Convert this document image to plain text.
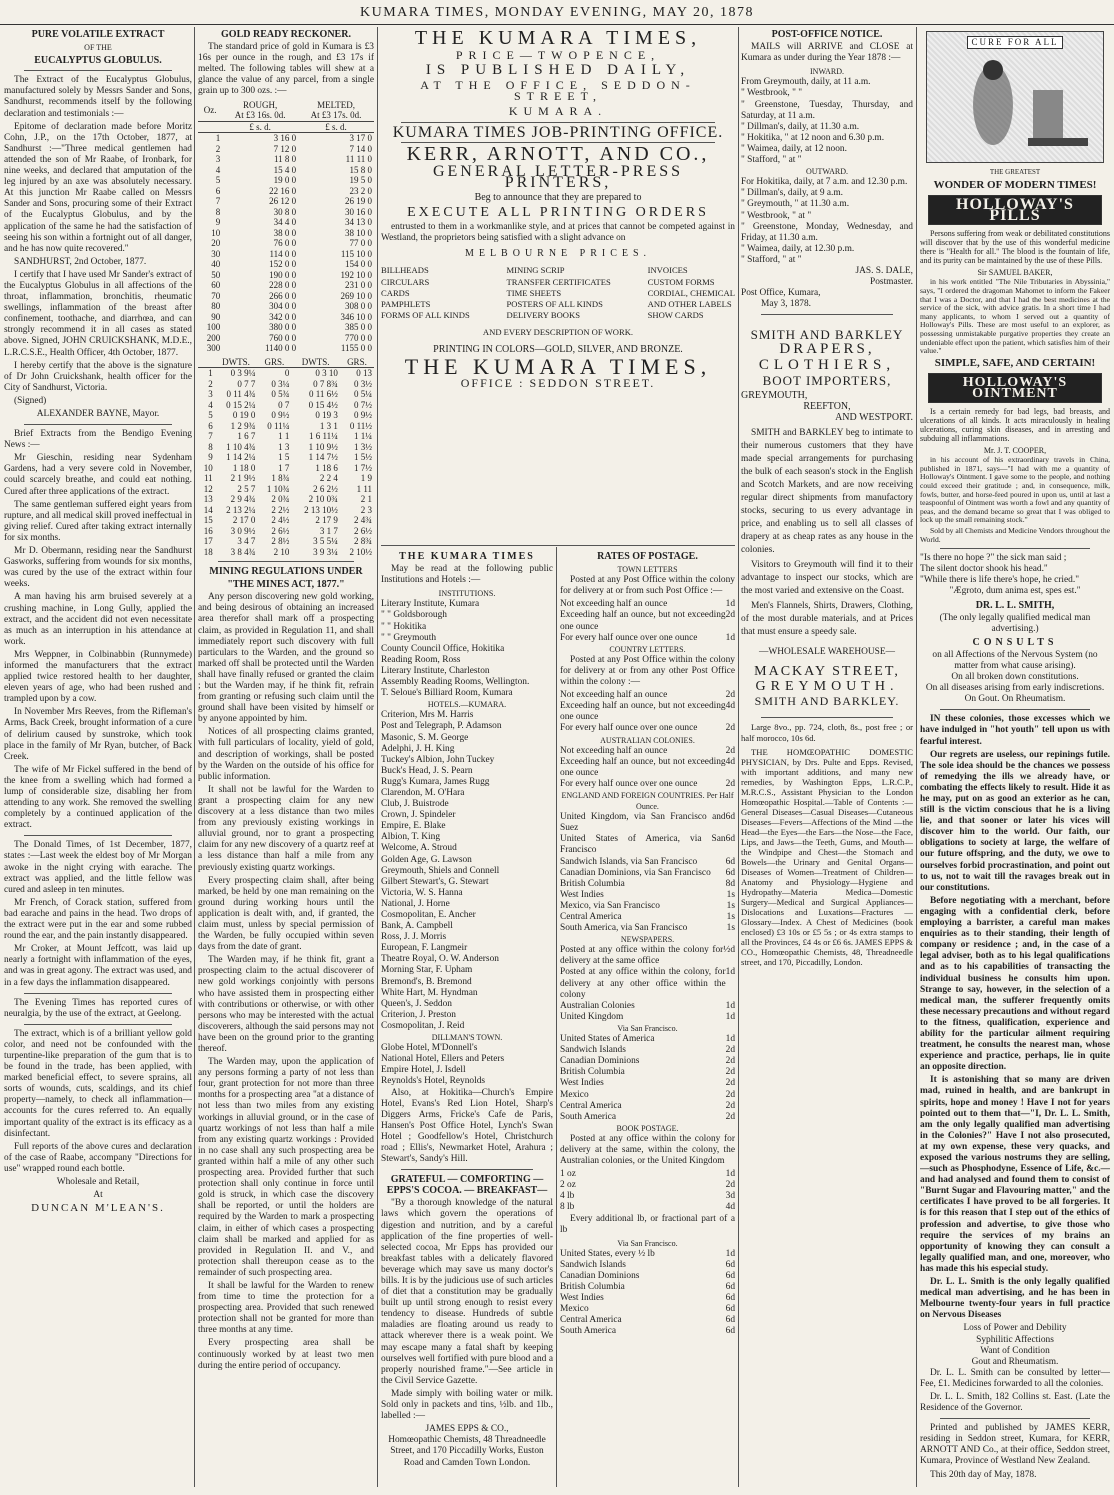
KUMARA TIMES, MONDAY EVENING, MAY 20, 1878
PURE VOLATILE EXTRACT
OF THE
EUCALYPTUS GLOBULUS.

The Extract of the Eucalyptus Globulus, manufactured solely by Messrs Sander and Sons, Sandhurst, recommends itself by the following declaration and testimonials :—

Epitome of declaration made before Moritz Cohn, J.P., on the 17th October, 1877, at Sandhurst :—"Three medical gentlemen had attended the son of Mr Raabe, of Ironbark, for nine weeks, and declared that amputation of the leg injured by an axe was absolutely necessary. At this junction Mr Raabe called on Messrs Sander and Sons, procuring some of their Extract of the Eucalyptus Globulus, and by the application of the same he had the satisfaction of seeing his son within a fortnight out of all danger, and he has now quite recovered."

SANDHURST, 2nd October, 1877.

I certify that I have used Mr Sander's extract of the Eucalyptus Globulus in all affections of the throat, inflammation, bronchitis, rheumatic swellings, inflammation of the breast after confinement, toothache, and diarrhœa, and can strongly recommend it in all cases as stated above. Signed, JOHN CRUICKSHANK, M.D.E., L.R.C.S.E., Health Officer, 4th October, 1877.

I hereby certify that the above is the signature of Dr John Cruickshank, health officer for the City of Sandhurst, Victoria.

(Signed)

ALEXANDER BAYNE, Mayor.

Brief Extracts from the Bendigo Evening News :—

Mr Gieschin, residing near Sydenham Gardens, had a very severe cold in November, could scarcely breathe, and could eat nothing. Cured after three applications of the extract.

The same gentleman suffered eight years from rupture, and all medical skill proved ineffectual in giving relief. Cured after taking extract internally for six months.

Mr D. Obermann, residing near the Sandhurst Gasworks, suffering from wounds for six months, was cured by the use of the extract within four weeks.

A man having his arm bruised severely at a crushing machine, in Long Gully, applied the extract, and the accident did not even necessitate as much as an interruption in his attendance at work.

Mrs Weppner, in Colbinabbin (Runnymede) informed the manufacturers that the extract applied twice restored health to her daughter, eleven years of age, who had been rushed and trampled upon by a cow.

In November Mrs Reeves, from the Rifleman's Arms, Back Creek, brought information of a cure of delirium caused by sunstroke, which took place in the family of Mr Ryan, butcher, of Back Creek.

The wife of Mr Fickel suffered in the bend of the knee from a swelling which had formed a lump of considerable size, disabling her from attending to any work. She removed the swelling completely by a continued application of the extract.

The Donald Times, of 1st December, 1877, states :—Last week the eldest boy of Mr Morgan awoke in the night crying with earache. The extract was applied, and the little fellow was cured and asleep in ten minutes.

Mr French, of Corack station, suffered from bad earache and pains in the head. Two drops of the extract were put in the ear and some rubbed round the ear, and the pain instantly disappeared.

Mr Croker, at Mount Jeffcott, was laid up nearly a fortnight with inflammation of the eyes, and was in great agony. The extract was used, and in a few days the inflammation disappeared.

The Evening Times has reported cures of neuralgia, by the use of the extract, at Geelong.

The extract, which is of a brilliant yellow gold color, and need not be confounded with the turpentine-like preparation of the gum that is to be found in the trade, has been applied, with marked beneficial effect, to severe sprains, all sorts of wounds, cuts, scaldings, and its chief property—namely, to check all inflammation—accounts for the cures referred to. An equally important quality of the extract is its efficacy as a disinfectant.

Full reports of the above cures and declaration of the case of Raabe, accompany "Directions for use" wrapped round each bottle.

Wholesale and Retail,

At

DUNCAN M'LEAN'S.

GOLD READY RECKONER.

The standard price of gold in Kumara is £3 16s per ounce in the rough, and £3 17s if melted. The following tables will shew at a glance the value of any parcel, from a single grain up to 300 ozs. :—

Oz.	ROUGH,
At £3 16s. 0d.	MELTED,
At £3 17s. 0d.
	£ s. d.	£ s. d.
1	3 16 0	3 17 0
2	7 12 0	7 14 0
3	11 8 0	11 11 0
4	15 4 0	15 8 0
5	19 0 0	19 5 0
6	22 16 0	23 2 0
7	26 12 0	26 19 0
8	30 8 0	30 16 0
9	34 4 0	34 13 0
10	38 0 0	38 10 0
20	76 0 0	77 0 0
30	114 0 0	115 10 0
40	152 0 0	154 0 0
50	190 0 0	192 10 0
60	228 0 0	231 0 0
70	266 0 0	269 10 0
80	304 0 0	308 0 0
90	342 0 0	346 10 0
100	380 0 0	385 0 0
200	760 0 0	770 0 0
300	1140 0 0	1155 0 0
	DWTS.	GRS.	DWTS.	GRS.
1	0 3 9¼	0	0 3 10	0 13
2	0 7 7	0 3¼	0 7 8¾	0 3½
3	0 11 4¾	0 5¾	0 11 6½	0 5¼
4	0 15 2¼	0 7	0 15 4½	0 7½
5	0 19 0	0 9½	0 19 3	0 9½
6	1 2 9¾	0 11¼	1 3 1	0 11½
7	1 6 7	1 1	1 6 11¼	1 1¼
8	1 10 4¾	1 3	1 10 9½	1 3½
9	1 14 2¼	1 5	1 14 7½	1 5½
10	1 18 0	1 7	1 18 6	1 7½
11	2 1 9½	1 8¾	2 2 4	1 9
12	2 5 7	1 10¾	2 6 2½	1 11
13	2 9 4¾	2 0¾	2 10 0¾	2 1
14	2 13 2¼	2 2½	2 13 10½	2 3
15	2 17 0	2 4½	2 17 9	2 4¾
16	3 0 9½	2 6½	3 1 7	2 6½
17	3 4 7	2 8½	3 5 5¼	2 8¾
18	3 8 4¾	2 10	3 9 3¼	2 10½
MINING REGULATIONS UNDER
"THE MINES ACT, 1877."

Any person discovering new gold working, and being desirous of obtaining an increased area therefor shall mark off a prospecting claim, as provided in Regulation 11, and shall immediately report such discovery with full particulars to the Warden, and the ground so marked off shall be protected until the Warden shall have finally refused or granted the claim ; but the Warden may, if he think fit, refrain from granting or refusing such claim until the ground shall have been visited by himself or by anyone appointed by him.

Notices of all prospecting claims granted, with full particulars of locality, yield of gold, and description of workings, shall be posted by the Warden on the outside of his office for public information.

It shall not be lawful for the Warden to grant a prospecting claim for any new discovery at a less distance than two miles from any previously existing workings in alluvial ground, nor to grant a prospecting claim for any new discovery of a quartz reef at a less distance than half a mile from any previously existing quartz workings.

Every prospecting claim shall, after being marked, be held by one man remaining on the ground during working hours until the application is dealt with, and, if granted, the claim must, unless by special permission of the Warden, be fully occupied within seven days from the date of grant.

The Warden may, if he think fit, grant a prospecting claim to the actual discoverer of new gold workings conjointly with persons who have assisted them in prospecting either with contributions or otherwise, or with other persons who may be interested with the actual discoverers, although the said persons may not have been on the ground prior to the granting thereof.

The Warden may, upon the application of any persons forming a party of not less than four, grant protection for not more than three months for a prospecting area "at a distance of not less than two miles from any existing workings in alluvial ground, or in the case of quartz workings of not less than half a mile from any existing quartz workings : Provided in no case shall any such prospecting area be granted within half a mile of any other such prospecting area. Provided further that such protection shall only continue in force until gold is struck, in which case the discovery shall be reported, or until the holders are required by the Warden to mark a prospecting claim, in either of which cases a prospecting claim shall be marked and applied for as provided in Regulation II. and V., and protection shall thereupon cease as to the remainder of such prospecting area.

It shall be lawful for the Warden to renew from time to time the protection for a prospecting area. Provided that such renewed protection shall not be granted for more than three months at any time.

Every prospecting area shall be continuously worked by at least two men during the entire period of occupancy.

THE KUMARA TIMES,
PRICE—TWOPENCE,
IS PUBLISHED DAILY,
AT THE OFFICE, SEDDON-STREET,
KUMARA.
KUMARA TIMES JOB-PRINTING OFFICE.
KERR, ARNOTT, AND CO.,
GENERAL LETTER-PRESS PRINTERS,
Beg to announce that they are prepared to
EXECUTE ALL PRINTING ORDERS

entrusted to them in a workmanlike style, and at prices that cannot be competed against in Westland, the proprietors being satisfied with a slight advance on

MELBOURNE PRICES.
BILLHEADS
CIRCULARS
CARDS
PAMPHLETS
FORMS OF ALL KINDS
MINING SCRIP
TRANSFER CERTIFICATES
TIME SHEETS
POSTERS OF ALL KINDS
DELIVERY BOOKS
INVOICES
CUSTOM FORMS
CORDIAL, CHEMICAL
AND OTHER LABELS
SHOW CARDS
AND EVERY DESCRIPTION OF WORK.
PRINTING IN COLORS—GOLD, SILVER, AND BRONZE.
THE KUMARA TIMES,
OFFICE : SEDDON STREET.
THE KUMARA TIMES

May be read at the following public Institutions and Hotels :—

INSTITUTIONS.
Literary Institute, Kumara
" " Goldsborough
" " Hokitika
" " Greymouth
County Council Office, Hokitika
Reading Room, Ross
Literary Institute, Charleston
Assembly Reading Rooms, Wellington.
T. Seloue's Billiard Room, Kumara
HOTELS.—KUMARA.
Criterion, Mrs M. Harris
Post and Telegraph, P. Adamson
Masonic, S. M. George
Adelphi, J. H. King
Tuckey's Albion, John Tuckey
Buck's Head, J. S. Pearn
Rugg's Kumara, James Rugg
Clarendon, M. O'Hara
Club, J. Buistrode
Crown, J. Spindeler
Empire, E. Blake
Albion, T. King
Welcome, A. Stroud
Golden Age, G. Lawson
Greymouth, Shiels and Connell
Gilbert Stewart's, G. Stewart
Victoria, W. S. Hanna
National, J. Horne
Cosmopolitan, E. Ancher
Bank, A. Campbell
Ross, J. J. Morris
European, F. Langmeir
Theatre Royal, O. W. Anderson
Morning Star, F. Upham
Bremond's, B. Bremond
White Hart, M. Hyndman
Queen's, J. Seddon
Criterion, J. Preston
Cosmopolitan, J. Reid
DILLMAN'S TOWN.
Globe Hotel, M'Donnell's
National Hotel, Ellers and Peters
Empire Hotel, J. Isdell
Reynolds's Hotel, Reynolds

Also, at Hokitika—Church's Empire Hotel, Evans's Red Lion Hotel, Sharp's Diggers Arms, Fricke's Cafe de Paris, Hansen's Post Office Hotel, Lynch's Swan Hotel ; Goodfellow's Hotel, Christchurch road ; Ellis's, Newmarket Hotel, Arahura ; Stewart's, Sandy's Hill.

GRATEFUL — COMFORTING — EPPS'S COCOA. — BREAKFAST—

"By a thorough knowledge of the natural laws which govern the operations of digestion and nutrition, and by a careful application of the fine properties of well-selected cocoa, Mr Epps has provided our breakfast tables with a delicately flavored beverage which may save us many doctor's bills. It is by the judicious use of such articles of diet that a constitution may be gradually built up until strong enough to resist every tendency to disease. Hundreds of subtle maladies are floating around us ready to attack wherever there is a weak point. We may escape many a fatal shaft by keeping ourselves well fortified with pure blood and a properly nourished frame."—See article in the Civil Service Gazette.

Made simply with boiling water or milk. Sold only in packets and tins, ½lb. and 1lb., labelled :—

JAMES EPPS & CO.,
Homœopathic Chemists, 48 Threadneedle Street, and 170 Piccadilly Works, Euston Road and Camden Town London.
RATES OF POSTAGE.
TOWN LETTERS

Posted at any Post Office within the colony for delivery at or from such Post Office :—

Not exceeding half an ounce	1d
Exceeding half an ounce, but not exceeding one ounce
2d
For every half ounce over one ounce	1d
COUNTRY LETTERS.

Posted at any Post Office within the colony for delivery at or from any other Post Office within the colony :—

Not exceeding half an ounce	2d
Exceeding half an ounce, but not exceeding one ounce
4d
For every half ounce over one ounce	2d
AUSTRALIAN COLONIES.
Not exceeding half an ounce	2d
Exceeding half an ounce, but not exceeding one ounce
4d
For every half ounce over one ounce	2d
ENGLAND AND FOREIGN COUNTRIES. Per Half Ounce.
United Kingdom, via San Francisco and Suez
6d
United States of America, via San Francisco
6d
Sandwich Islands, via San Francisco	6d
Canadian Dominions, via San Francisco 6d
British Columbia	8d
West Indies	1s
Mexico, via San Francisco	1s
Central America	1s
South America, via San Francisco	1s
NEWSPAPERS.
Posted at any office within the colony for delivery at the same office
½d
Posted at any office within the colony, for delivery at any other office within the colony
1d
Australian Colonies	1d
United Kingdom	1d
Via San Francisco.
United States of America	1d
Sandwich Islands	2d
Canadian Dominions	2d
British Columbia	2d
West Indies	2d
Mexico	2d
Central America	2d
South America	2d
BOOK POSTAGE.

Posted at any office within the colony for delivery at the same, within the colony, the Australian colonies, or the United Kingdom

1 oz	1d
2 oz	2d
4 lb	3d
8 lb	4d

Every additional lb, or fractional part of a lb

Via San Francisco.
United States, every ½ lb	1d
Sandwich Islands	6d
Canadian Dominions	6d
British Columbia	6d
West Indies	6d
Mexico	6d
Central America	6d
South America	6d
POST-OFFICE NOTICE.

MAILS will ARRIVE and CLOSE at Kumara as under during the Year 1878 :—

INWARD.
From Greymouth, daily, at 11 a.m.
" Westbrook, " "
" Greenstone, Tuesday, Thursday, and Saturday, at 11 a.m.
" Dillman's, daily, at 11.30 a.m.
" Hokitika, " at 12 noon and 6.30 p.m.
" Waimea, daily, at 12 noon.
" Stafford, " at "
OUTWARD.
For Hokitika, daily, at 7 a.m. and 12.30 p.m.
" Dillman's, daily, at 9 a.m.
" Greymouth, " at 11.30 a.m.
" Westbrook, " at "
" Greenstone, Monday, Wednesday, and Friday, at 11.30 a.m.
" Waimea, daily, at 12.30 p.m.
" Stafford, " at "
JAS. S. DALE,
Postmaster.
Post Office, Kumara,
May 3, 1878.
SMITH AND BARKLEY
DRAPERS,
CLOTHIERS,
BOOT IMPORTERS,
GREYMOUTH,
REEFTON,
AND WESTPORT.

SMITH and BARKLEY beg to intimate to their numerous customers that they have made special arrangements for purchasing the bulk of each season's stock in the English and Scotch Markets, and are now receiving regular direct shipments from manufactory stocks, securing to us every advantage in price, and enabling us to sell all classes of drapery at as cheap rates as any house in the colonies.

Visitors to Greymouth will find it to their advantage to inspect our stocks, which are the most varied and extensive on the Coast.

Men's Flannels, Shirts, Drawers, Clothing, of the most durable materials, and at Prices that must ensure a speedy sale.

—WHOLESALE WAREHOUSE—
MACKAY STREET,
GREYMOUTH.
SMITH AND BARKLEY.

Large 8vo., pp. 724, cloth, 8s., post free ; or half morocco, 10s 6d.

THE HOMŒOPATHIC DOMESTIC PHYSICIAN, by Drs. Pulte and Epps. Revised, with important additions, and many new remedies, by Washington Epps, L.R.C.P., M.R.C.S., Assistant Physician to the London Homœopathic Hospital.—Table of Contents :—General Diseases—Casual Diseases—Cutaneous Diseases—Fevers—Affections of the Mind —the Head—the Eyes—the Ears—the Nose—the Face, Lips, and Jaws—the Teeth, Gums, and Mouth—the Windpipe and Chest—the Stomach and Bowels—the Urinary and Genital Organs—Diseases of Women—Treatment of Children—Anatomy and Physiology—Hygiene and Hydropathy—Materia Medica—Domestic Surgery—Medical and Surgical Appliances—Dislocations and Luxations—Fractures —Glossary—Index. A Chest of Medicines (book enclosed) £3 10s or £5 5s ; or 4s extra stamps to all the Provinces, £4 4s or £6 6s. JAMES EPPS & CO., Homœopathic Chemists, 48, Threadneedle street, and 170, Piccadilly, London.

CURE FOR ALL
THE GREATEST
WONDER OF MODERN TIMES!
HOLLOWAY'S PILLS

Persons suffering from weak or debilitated constitutions will discover that by the use of this wonderful medicine there is "Health for all." The blood is the fountain of life, and its purity can be maintained by the use of these Pills.

Sir SAMUEL BAKER,

in his work entitled "The Nile Tributaries in Abyssinia," says, "I ordered the dragoman Mahomet to inform the Fakeer that I was a Doctor, and that I had the best medicines at the service of the sick, with advice gratis. In a short time I had many applicants, to whom I served out a quantity of Holloway's Pills. These are most useful to an explorer, as possessing unmistakable purgative properties they create an undeniable effect upon the patient, which satisfies him of their value."

SIMPLE, SAFE, AND CERTAIN!
HOLLOWAY'S OINTMENT

Is a certain remedy for bad legs, bad breasts, and ulcerations of all kinds. It acts miraculously in healing ulcerations, curing skin diseases, and in arresting and subduing all inflammations.

Mr. J. T. COOPER,

in his account of his extraordinary travels in China, published in 1871, says—"I had with me a quantity of Holloway's Ointment. I gave some to the people, and nothing could exceed their gratitude ; and, in consequence, milk, fowls, butter, and horse-feed poured in upon us, until at last a teaspoonful of Ointment was worth a fowl and any quantity of peas, and the demand became so great that I was obliged to lock up the small remaining stock."

Sold by all Chemists and Medicine Vendors throughout the World.

"Is there no hope ?" the sick man said ;
The silent doctor shook his head."
"While there is life there's hope, he cried."
"Ægroto, dum anima est, spes est."
DR. L. L. SMITH,
(The only legally qualified medical man advertising.)
CONSULTS
on all Affections of the Nervous System (no matter from what cause arising).
On all broken down constitutions.
On all diseases arising from early indiscretions.
On Gout. On Rheumatism.

IN these colonies, those excesses which we have indulged in "hot youth" tell upon us with fearful interest.

Our regrets are useless, our repinings futile. The sole idea should be the chances we possess of remedying the ills we already have, or combating the effects likely to result. Hide it as he may, put on as good an exterior as he can, still is the victim conscious that he is a living lie, and that sooner or later his vices will discover him to the world. Our faith, our obligations to society at large, the welfare of our future offspring, and the duty, we owe to ourselves forbid procrastination, and point out to us, not to wait till the ravages break out in our constitutions.

Before negotiating with a merchant, before engaging with a confidential clerk, before employing a barrister, a careful man makes enquiries as to their standing, their length of company or residence ; and, in the case of a legal adviser, both as to his legal qualifications and as to his capabilities of transacting the individual business he consults him upon. Strange to say, however, in the selection of a medical man, the sufferer frequently omits these necessary precautions and without regard to the fitness, qualification, experience and ability for the particular ailment requiring treatment, he consults the nearest man, whose experience and practice, perhaps, lie in quite an opposite direction.

It is astonishing that so many are driven mad, ruined in health, and are bankrupt in spirits, hope and money ! Have I not for years pointed out to them that—"I, Dr. L. L. Smith, am the only legally qualified man advertising in the Colonies?" Have I not also prosecuted, at my own expense, these very quacks, and exposed the various nostrums they are selling,—such as Phosphodyne, Essence of Life, &c.—and had analysed and found them to consist of "Burnt Sugar and Flavouring matter," and the certificates I have proved to be all forgeries. It is for this reason that I step out of the ethics of profession and advertise, to give those who require the services of my brains an opportunity of knowing they can consult a legally qualified man, and one, moreover, who has made this his especial study.

Dr. L. L. Smith is the only legally qualified medical man advertising, and he has been in Melbourne twenty-four years in full practice on Nervous Diseases

Loss of Power and Debility
Syphilitic Affections
Want of Condition
Gout and Rheumatism.

Dr. L. L. Smith can be consulted by letter—Fee, £1. Medicines forwarded to all the colonies.

Dr. L. L. Smith, 182 Collins st. East. (Late the Residence of the Governor.

Printed and published by JAMES KERR, residing in Seddon street, Kumara, for KERR, ARNOTT AND Co., at their office, Seddon street, Kumara, Province of Westland New Zealand.

This 20th day of May, 1878.
